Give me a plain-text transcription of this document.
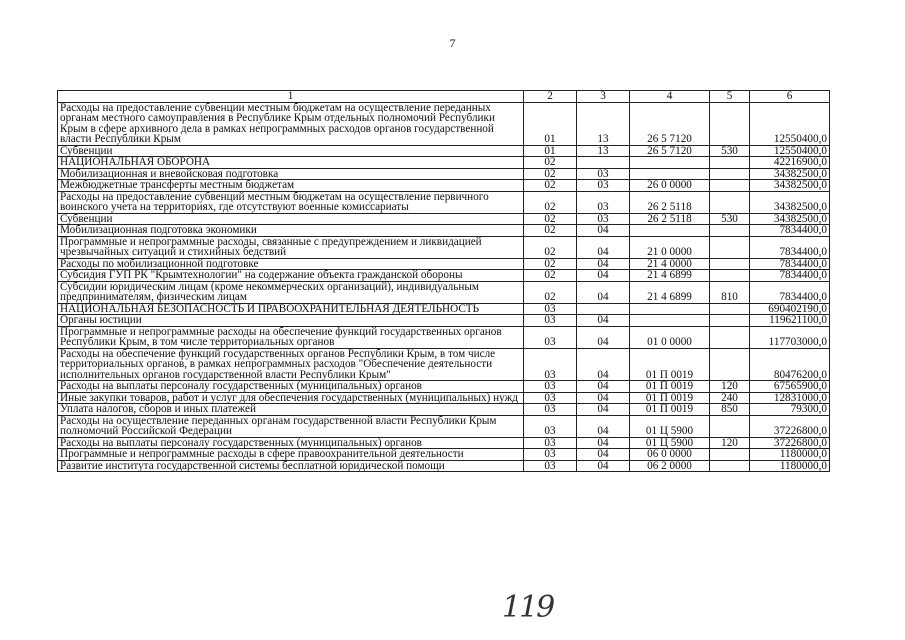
7
1	2	3	4	5	6
Расходы на предоставление субвенции местным бюджетам на осуществление переданных органам местного самоуправления в Республике Крым отдельных полномочий Республики Крым в сфере архивного дела в рамках непрограммных расходов органов государственной власти Республики Крым	01	13	26 5 7120		12550400,0
Субвенции	01	13	26 5 7120	530	12550400,0
НАЦИОНАЛЬНАЯ ОБОРОНА	02				42216900,0
Мобилизационная и вневойсковая подготовка	02	03			34382500,0
Межбюджетные трансферты местным бюджетам	02	03	26 0 0000		34382500,0
Расходы на предоставление субвенций местным бюджетам на осуществление первичного воинского учета на территориях, где отсутствуют военные комиссариаты	02	03	26 2 5118		34382500,0
Субвенции	02	03	26 2 5118	530	34382500,0
Мобилизационная подготовка экономики	02	04			7834400,0
Программные и непрограммные расходы, связанные с предупреждением и ликвидацией чрезвычайных ситуаций и стихийных бедствий	02	04	21 0 0000		7834400,0
Расходы по мобилизационной подготовке	02	04	21 4 0000		7834400,0
Субсидия ГУП РК "Крымтехнологии" на содержание объекта гражданской обороны	02	04	21 4 6899		7834400,0
Субсидии юридическим лицам (кроме некоммерческих организаций), индивидуальным предпринимателям, физическим лицам	02	04	21 4 6899	810	7834400,0
НАЦИОНАЛЬНАЯ БЕЗОПАСНОСТЬ И ПРАВООХРАНИТЕЛЬНАЯ ДЕЯТЕЛЬНОСТЬ	03				690402190,0
Органы юстиции	03	04			119621100,0
Программные и непрограммные расходы на обеспечение функций государственных органов Республики Крым, в том числе территориальных органов	03	04	01 0 0000		117703000,0
Расходы на обеспечение функций государственных органов Республики Крым, в том числе территориальных органов, в рамках непрограммных расходов "Обеспечение деятельности исполнительных органов государственной власти Республики Крым"	03	04	01 П 0019		80476200,0
Расходы на выплаты персоналу государственных (муниципальных) органов	03	04	01 П 0019	120	67565900,0
Иные закупки товаров, работ и услуг для обеспечения государственных (муниципальных) нужд	03	04	01 П 0019	240	12831000,0
Уплата налогов, сборов и иных платежей	03	04	01 П 0019	850	79300,0
Расходы на осуществление переданных органам государственной власти Республики Крым полномочий Российской Федерации	03	04	01 Ц 5900		37226800,0
Расходы на выплаты персоналу государственных (муниципальных) органов	03	04	01 Ц 5900	120	37226800,0
Программные и непрограммные расходы в сфере правоохранительной деятельности	03	04	06 0 0000		1180000,0
Развитие института государственной системы бесплатной юридической помощи	03	04	06 2 0000		1180000,0
119
